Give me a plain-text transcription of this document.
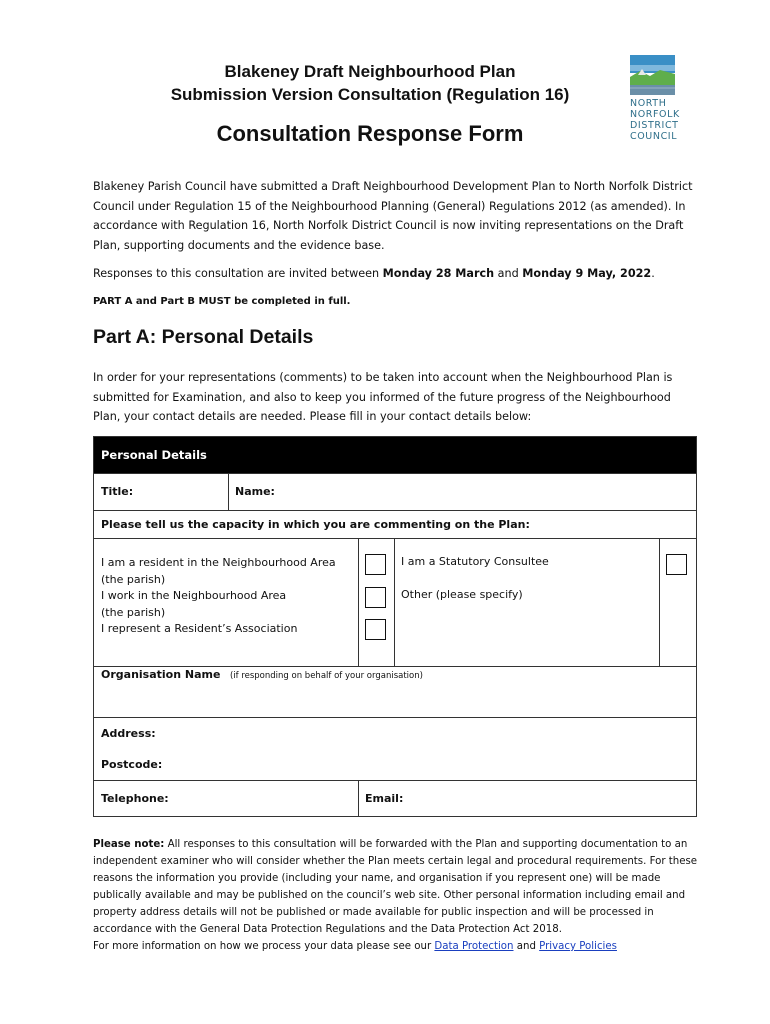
Blakeney Draft Neighbourhood Plan
Submission Version Consultation (Regulation 16)
Consultation Response Form
NORTH
NORFOLK
DISTRICT
COUNCIL
Blakeney Parish Council have submitted a Draft Neighbourhood Development Plan to North Norfolk District Council under Regulation 15 of the Neighbourhood Planning (General) Regulations 2012 (as amended). In accordance with Regulation 16, North Norfolk District Council is now inviting representations on the Draft Plan, supporting documents and the evidence base.
Responses to this consultation are invited between Monday 28 March and Monday 9 May, 2022.
PART A and Part B MUST be completed in full.
Part A: Personal Details
In order for your representations (comments) to be taken into account when the Neighbourhood Plan is submitted for Examination, and also to keep you informed of the future progress of the Neighbourhood Plan, your contact details are needed. Please fill in your contact details below:
Personal Details
Title:	Name:
Please tell us the capacity in which you are commenting on the Plan:
I am a resident in the Neighbourhood Area
(the parish)
I work in the Neighbourhood Area
(the parish)
I represent a Resident’s Association
I am a Statutory Consultee
Other (please specify)
Organisation Name (if responding on behalf of your organisation)
Address:
Postcode:
Telephone:	Email:
Please note: All responses to this consultation will be forwarded with the Plan and supporting documentation to an independent examiner who will consider whether the Plan meets certain legal and procedural requirements. For these reasons the information you provide (including your name, and organisation if you represent one) will be made publically available and may be published on the council’s web site. Other personal information including email and property address details will not be published or made available for public inspection and will be processed in accordance with the General Data Protection Regulations and the Data Protection Act 2018.
For more information on how we process your data please see our Data Protection and Privacy Policies
